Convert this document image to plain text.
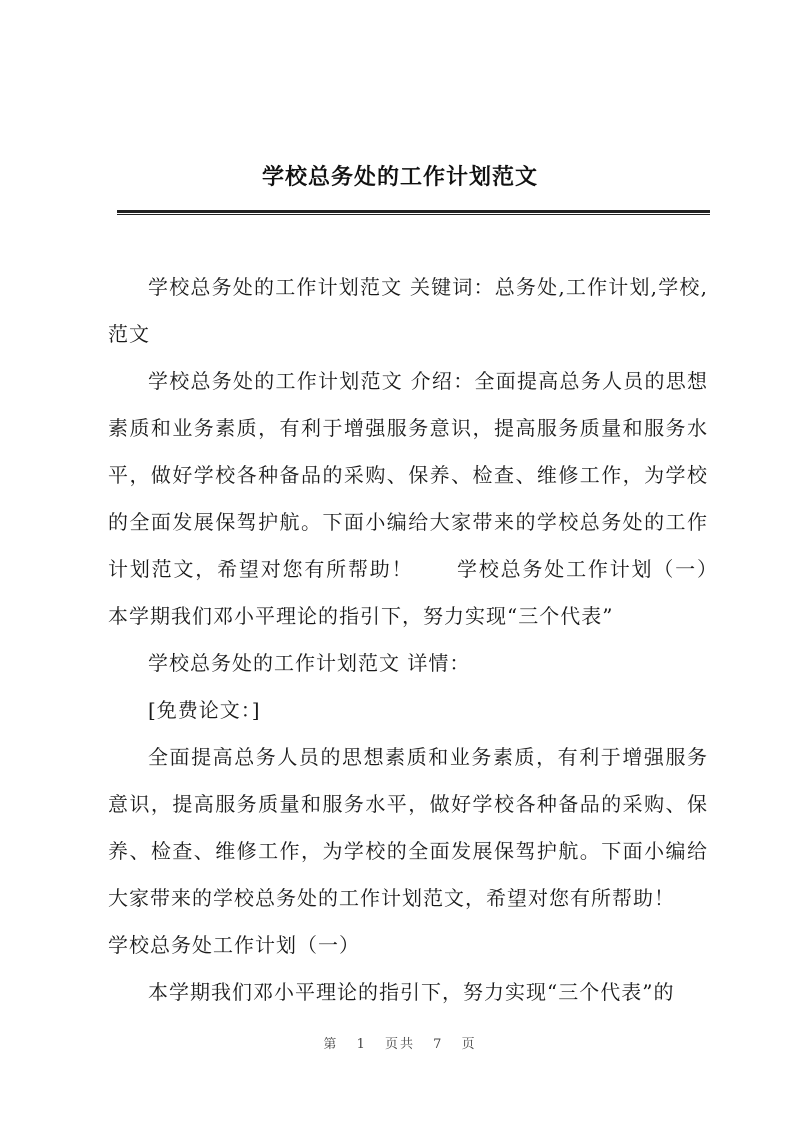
学校总务处的工作计划范文

学校总务处的工作计划范文 关键词：总务处,工作计划,学校,范文

学校总务处的工作计划范文 介绍：全面提高总务人员的思想素质和业务素质，有利于增强服务意识，提高服务质量和服务水平，做好学校各种备品的采购、保养、检查、维修工作，为学校的全面发展保驾护航。下面小编给大家带来的学校总务处的工作计划范文，希望对您有所帮助！　　学校总务处工作计划（一）　　本学期我们邓小平理论的指引下，努力实现“三个代表”

学校总务处的工作计划范文 详情：

[免费论文：]

全面提高总务人员的思想素质和业务素质，有利于增强服务意识，提高服务质量和服务水平，做好学校各种备品的采购、保养、检查、维修工作，为学校的全面发展保驾护航。下面小编给大家带来的学校总务处的工作计划范文，希望对您有所帮助！

学校总务处工作计划（一）

本学期我们邓小平理论的指引下，努力实现“三个代表”的

第 1 页共 7 页
